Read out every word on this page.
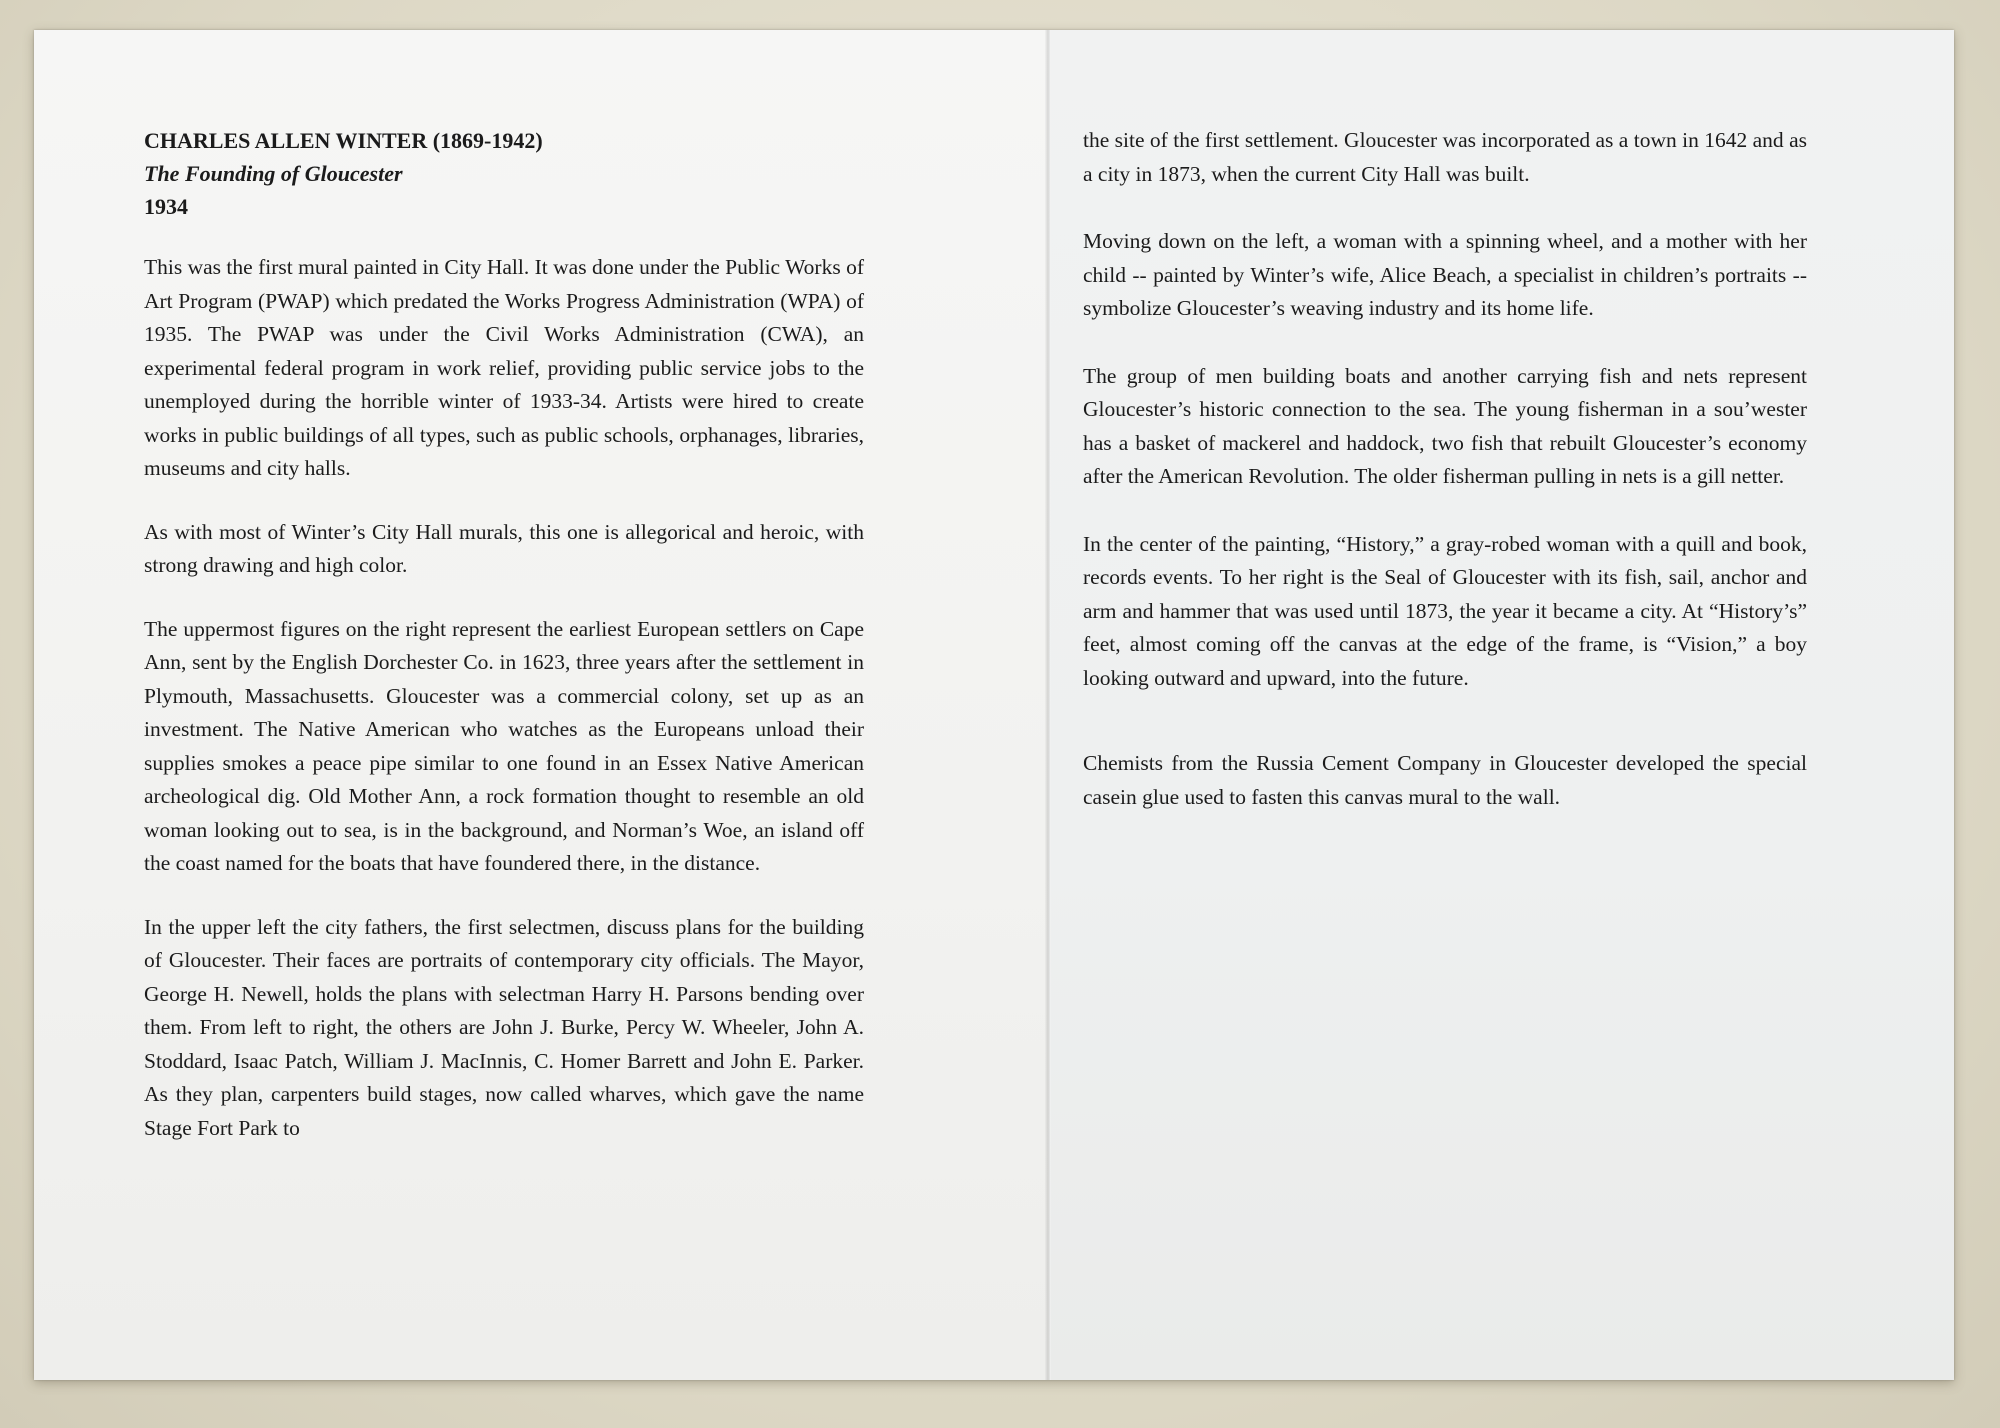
CHARLES ALLEN WINTER (1869-1942)

The Founding of Gloucester

1934

This was the first mural painted in City Hall. It was done under the Public Works of Art Program (PWAP) which predated the Works Progress Administration (WPA) of 1935. The PWAP was under the Civil Works Administration (CWA), an experimental federal program in work relief, providing public service jobs to the unemployed during the horrible winter of 1933-34. Artists were hired to create works in public buildings of all types, such as public schools, orphanages, libraries, museums and city halls.

As with most of Winter’s City Hall murals, this one is allegorical and heroic, with strong drawing and high color.

The uppermost figures on the right represent the earliest European settlers on Cape Ann, sent by the English Dorchester Co. in 1623, three years after the settlement in Plymouth, Massachusetts. Gloucester was a commercial colony, set up as an investment. The Native American who watches as the Europeans unload their supplies smokes a peace pipe similar to one found in an Essex Native American archeological dig. Old Mother Ann, a rock formation thought to resemble an old woman looking out to sea, is in the background, and Norman’s Woe, an island off the coast named for the boats that have foundered there, in the distance.

In the upper left the city fathers, the first selectmen, discuss plans for the building of Gloucester. Their faces are portraits of contemporary city officials. The Mayor, George H. Newell, holds the plans with selectman Harry H. Parsons bending over them. From left to right, the others are John J. Burke, Percy W. Wheeler, John A. Stoddard, Isaac Patch, William J. MacInnis, C. Homer Barrett and John E. Parker. As they plan, carpenters build stages, now called wharves, which gave the name Stage Fort Park to

the site of the first settlement. Gloucester was incorporated as a town in 1642 and as a city in 1873, when the current City Hall was built.

Moving down on the left, a woman with a spinning wheel, and a mother with her child -- painted by Winter’s wife, Alice Beach, a specialist in children’s portraits -- symbolize Gloucester’s weaving industry and its home life.

The group of men building boats and another carrying fish and nets represent Gloucester’s historic connection to the sea. The young fisherman in a sou’wester has a basket of mackerel and haddock, two fish that rebuilt Gloucester’s economy after the American Revolution. The older fisherman pulling in nets is a gill netter.

In the center of the painting, “History,” a gray-robed woman with a quill and book, records events. To her right is the Seal of Gloucester with its fish, sail, anchor and arm and hammer that was used until 1873, the year it became a city. At “History’s” feet, almost coming off the canvas at the edge of the frame, is “Vision,” a boy looking outward and upward, into the future.

Chemists from the Russia Cement Company in Gloucester developed the special casein glue used to fasten this canvas mural to the wall.
